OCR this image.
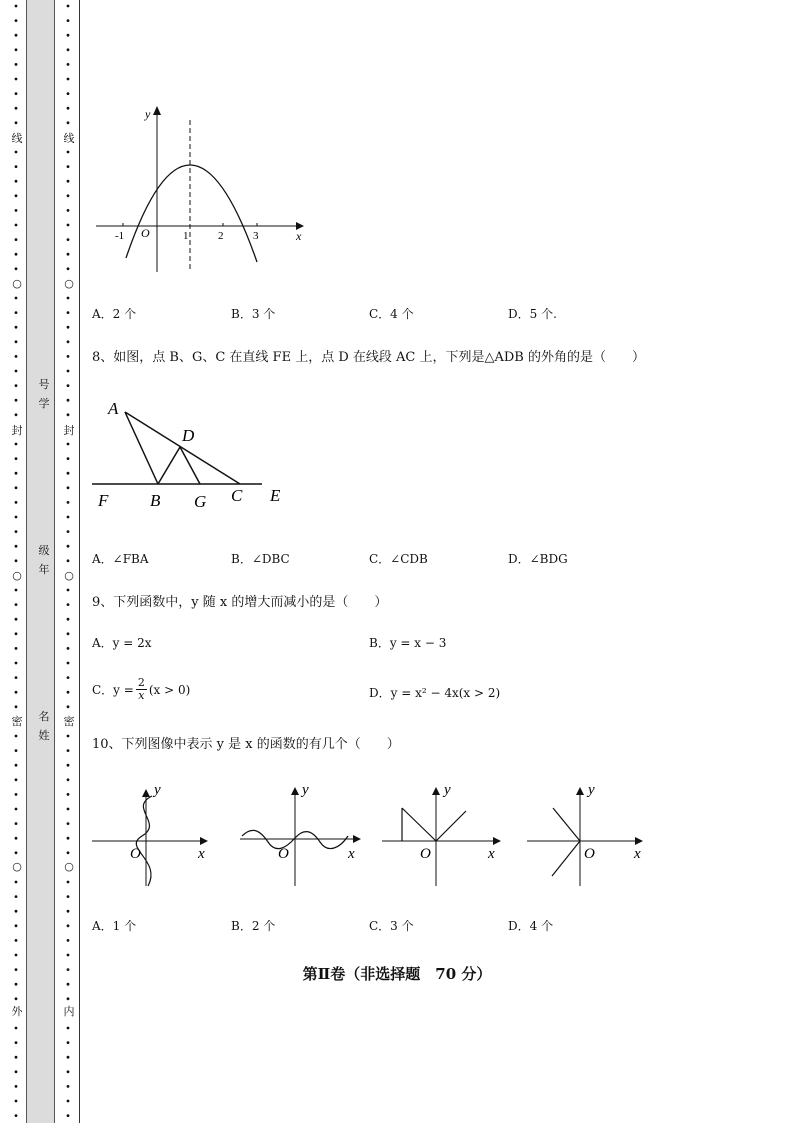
线
封
密
外
○
○
○
线
封
密
内
○
○
○
号
学
级
年
名
姓
y
x
O
-1	1	2	3
A．2 个	B．3 个	C．4 个	D．5 个.
8、如图，点 B、G、C 在直线 FE 上，点 D 在线段 AC 上，下列是△ADB 的外角的是（　　）
A
D
F B G C E
A．∠FBA	B．∠DBC	C．∠CDB	D．∠BDG
9、下列函数中，y 随 x 的增大而减小的是（　　）
A．y = 2x	B．y = x − 3
C．$y = \frac{2}{x} (x > 0)$	D．y = x² − 4x(x > 2)
10、下列图像中表示 y 是 x 的函数的有几个（　　）
y
x
O
y
x
O
y
x
O
y
x
O
A．1 个	B．2 个	C．3 个	D．4 个
第Ⅱ卷（非选择题　70 分）
